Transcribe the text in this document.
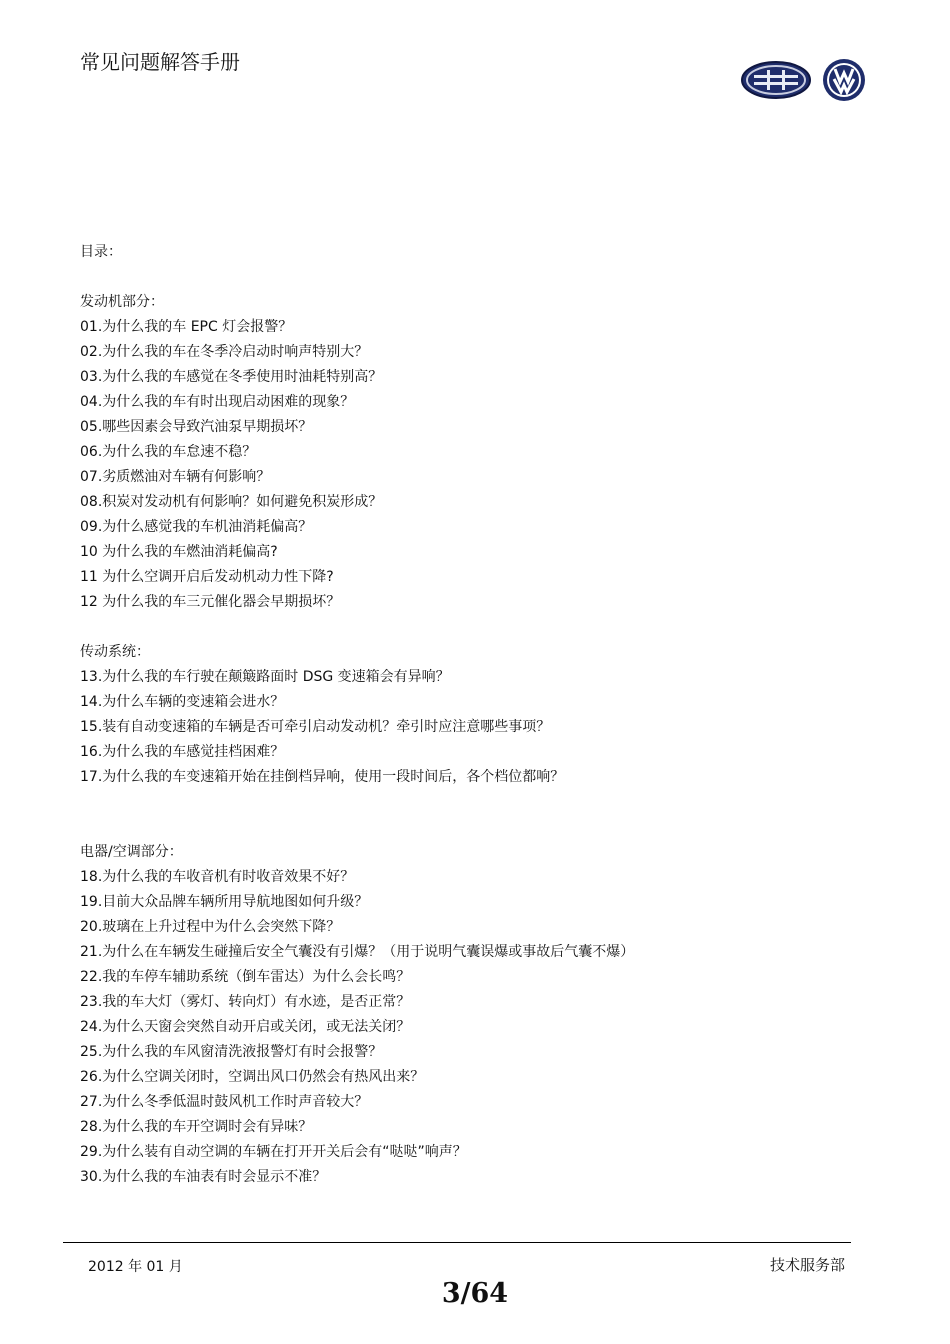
常见问题解答手册
目录：
发动机部分：
01.为什么我的车 EPC 灯会报警？
02.为什么我的车在冬季冷启动时响声特别大？
03.为什么我的车感觉在冬季使用时油耗特别高？
04.为什么我的车有时出现启动困难的现象？
05.哪些因素会导致汽油泵早期损坏？
06.为什么我的车怠速不稳？
07.劣质燃油对车辆有何影响？
08.积炭对发动机有何影响？如何避免积炭形成？
09.为什么感觉我的车机油消耗偏高？
10 为什么我的车燃油消耗偏高?
11 为什么空调开启后发动机动力性下降?
12 为什么我的车三元催化器会早期损坏？
传动系统：
13.为什么我的车行驶在颠簸路面时 DSG 变速箱会有异响？
14.为什么车辆的变速箱会进水？
15.装有自动变速箱的车辆是否可牵引启动发动机？牵引时应注意哪些事项？
16.为什么我的车感觉挂档困难？
17.为什么我的车变速箱开始在挂倒档异响，使用一段时间后，各个档位都响？
电器/空调部分：
18.为什么我的车收音机有时收音效果不好？
19.目前大众品牌车辆所用导航地图如何升级？
20.玻璃在上升过程中为什么会突然下降？
21.为什么在车辆发生碰撞后安全气囊没有引爆？（用于说明气囊误爆或事故后气囊不爆）
22.我的车停车辅助系统（倒车雷达）为什么会长鸣？
23.我的车大灯（雾灯、转向灯）有水迹，是否正常？
24.为什么天窗会突然自动开启或关闭，或无法关闭？
25.为什么我的车风窗清洗液报警灯有时会报警？
26.为什么空调关闭时，空调出风口仍然会有热风出来？
27.为什么冬季低温时鼓风机工作时声音较大？
28.为什么我的车开空调时会有异味？
29.为什么装有自动空调的车辆在打开开关后会有“哒哒”响声？
30.为什么我的车油表有时会显示不准？
2012 年 01 月	技术服务部
3/64
